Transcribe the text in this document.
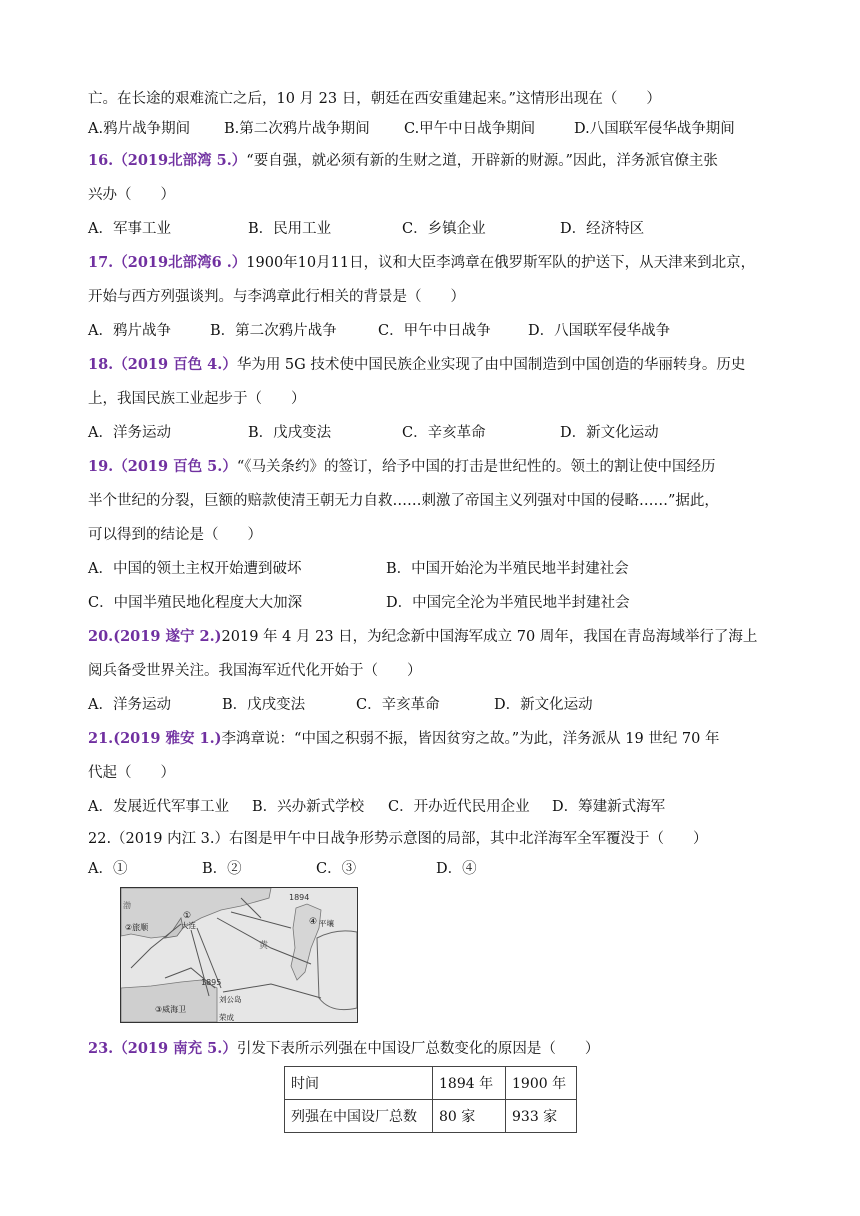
亡。在长途的艰难流亡之后，10 月 23 日，朝廷在西安重建起来。”这情形出现在（　　）
A.鸦片战争期间	B.第二次鸦片战争期间	C.甲午中日战争期间	D.八国联军侵华战争期间
16.（2019北部湾 5.）“要自强，就必须有新的生财之道，开辟新的财源。”因此，洋务派官僚主张
兴办（　　）
A．军事工业	B．民用工业	C．乡镇企业	D．经济特区
17.（2019北部湾6 .）1900年10月11日，议和大臣李鸿章在俄罗斯军队的护送下，从天津来到北京，
开始与西方列强谈判。与李鸿章此行相关的背景是（　　）
A．鸦片战争	B．第二次鸦片战争	C．甲午中日战争	D．八国联军侵华战争
18.（2019 百色 4.）华为用 5G 技术使中国民族企业实现了由中国制造到中国创造的华丽转身。历史
上，我国民族工业起步于（　　）
A．洋务运动	B．戊戌变法	C．辛亥革命	D．新文化运动
19.（2019 百色 5.）“《马关条约》的签订，给予中国的打击是世纪性的。领土的割让使中国经历
半个世纪的分裂，巨额的赔款使清王朝无力自救……刺激了帝国主义列强对中国的侵略……”据此，
可以得到的结论是（　　）
A．中国的领土主权开始遭到破坏	B．中国开始沦为半殖民地半封建社会
C．中国半殖民地化程度大大加深	D．中国完全沦为半殖民地半封建社会
20.(2019 遂宁 2.)2019 年 4 月 23 日，为纪念新中国海军成立 70 周年，我国在青岛海域举行了海上
阅兵备受世界关注。我国海军近代化开始于（　　）
A．洋务运动	B．戊戌变法	C．辛亥革命	D．新文化运动
21.(2019 雅安 1.)李鸿章说：“中国之积弱不振，皆因贫穷之故。”为此，洋务派从 19 世纪 70 年
代起（　　）
A．发展近代军事工业	B．兴办新式学校	C．开办近代民用企业	D．筹建新式海军
22.（2019 内江 3.）右图是甲午中日战争形势示意图的局部，其中北洋海军全军覆没于（　　）
A．①	B．②	C．③	D．④
1894
1895
渤
黄
①
大连
②旅顺
④ 平壤
③威海卫
刘公岛
荣成
23.（2019 南充 5.）引发下表所示列强在中国设厂总数变化的原因是（　　）
时间	1894 年	1900 年
列强在中国设厂总数	80 家	933 家
